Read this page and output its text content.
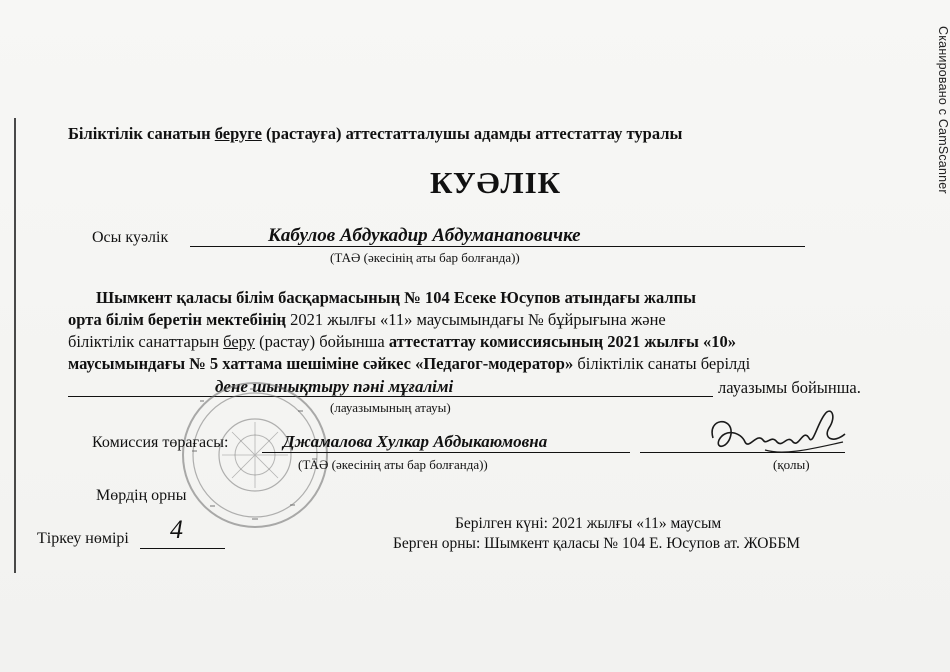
Сканировано с CamScanner
Біліктілік санатын беруге (растауға) аттестатталушы адамды аттестаттау туралы
КУӘЛІК
Осы куәлік	Кабулов Абдукадир Абдуманаповичке
(ТАӘ (әкесінің аты бар болғанда))
Шымкент қаласы білім басқармасының № 104 Есеке Юсупов атындағы жалпы
орта білім беретін мектебінің 2021 жылғы «11» маусымындағы № бұйрығына және
біліктілік санаттарын беру (растау) бойынша аттестаттау комиссиясының 2021 жылғы «10»
маусымындағы № 5 хаттама шешіміне сәйкес «Педагог-модератор» біліктілік санаты берілді
дене шынықтыру пәні мұғалімі	лауазымы бойынша.
(лауазымының атауы)
Комиссия төрағасы:	Джамалова Хулкар Абдыкаюмовна
(ТАӘ (әкесінің аты бар болғанда))	(қолы)
Мөрдің орны
Тіркеу нөмірі 4	Берілген күні: 2021 жылғы «11» маусым
Берген орны: Шымкент қаласы № 104 Е. Юсупов ат. ЖОББМ
